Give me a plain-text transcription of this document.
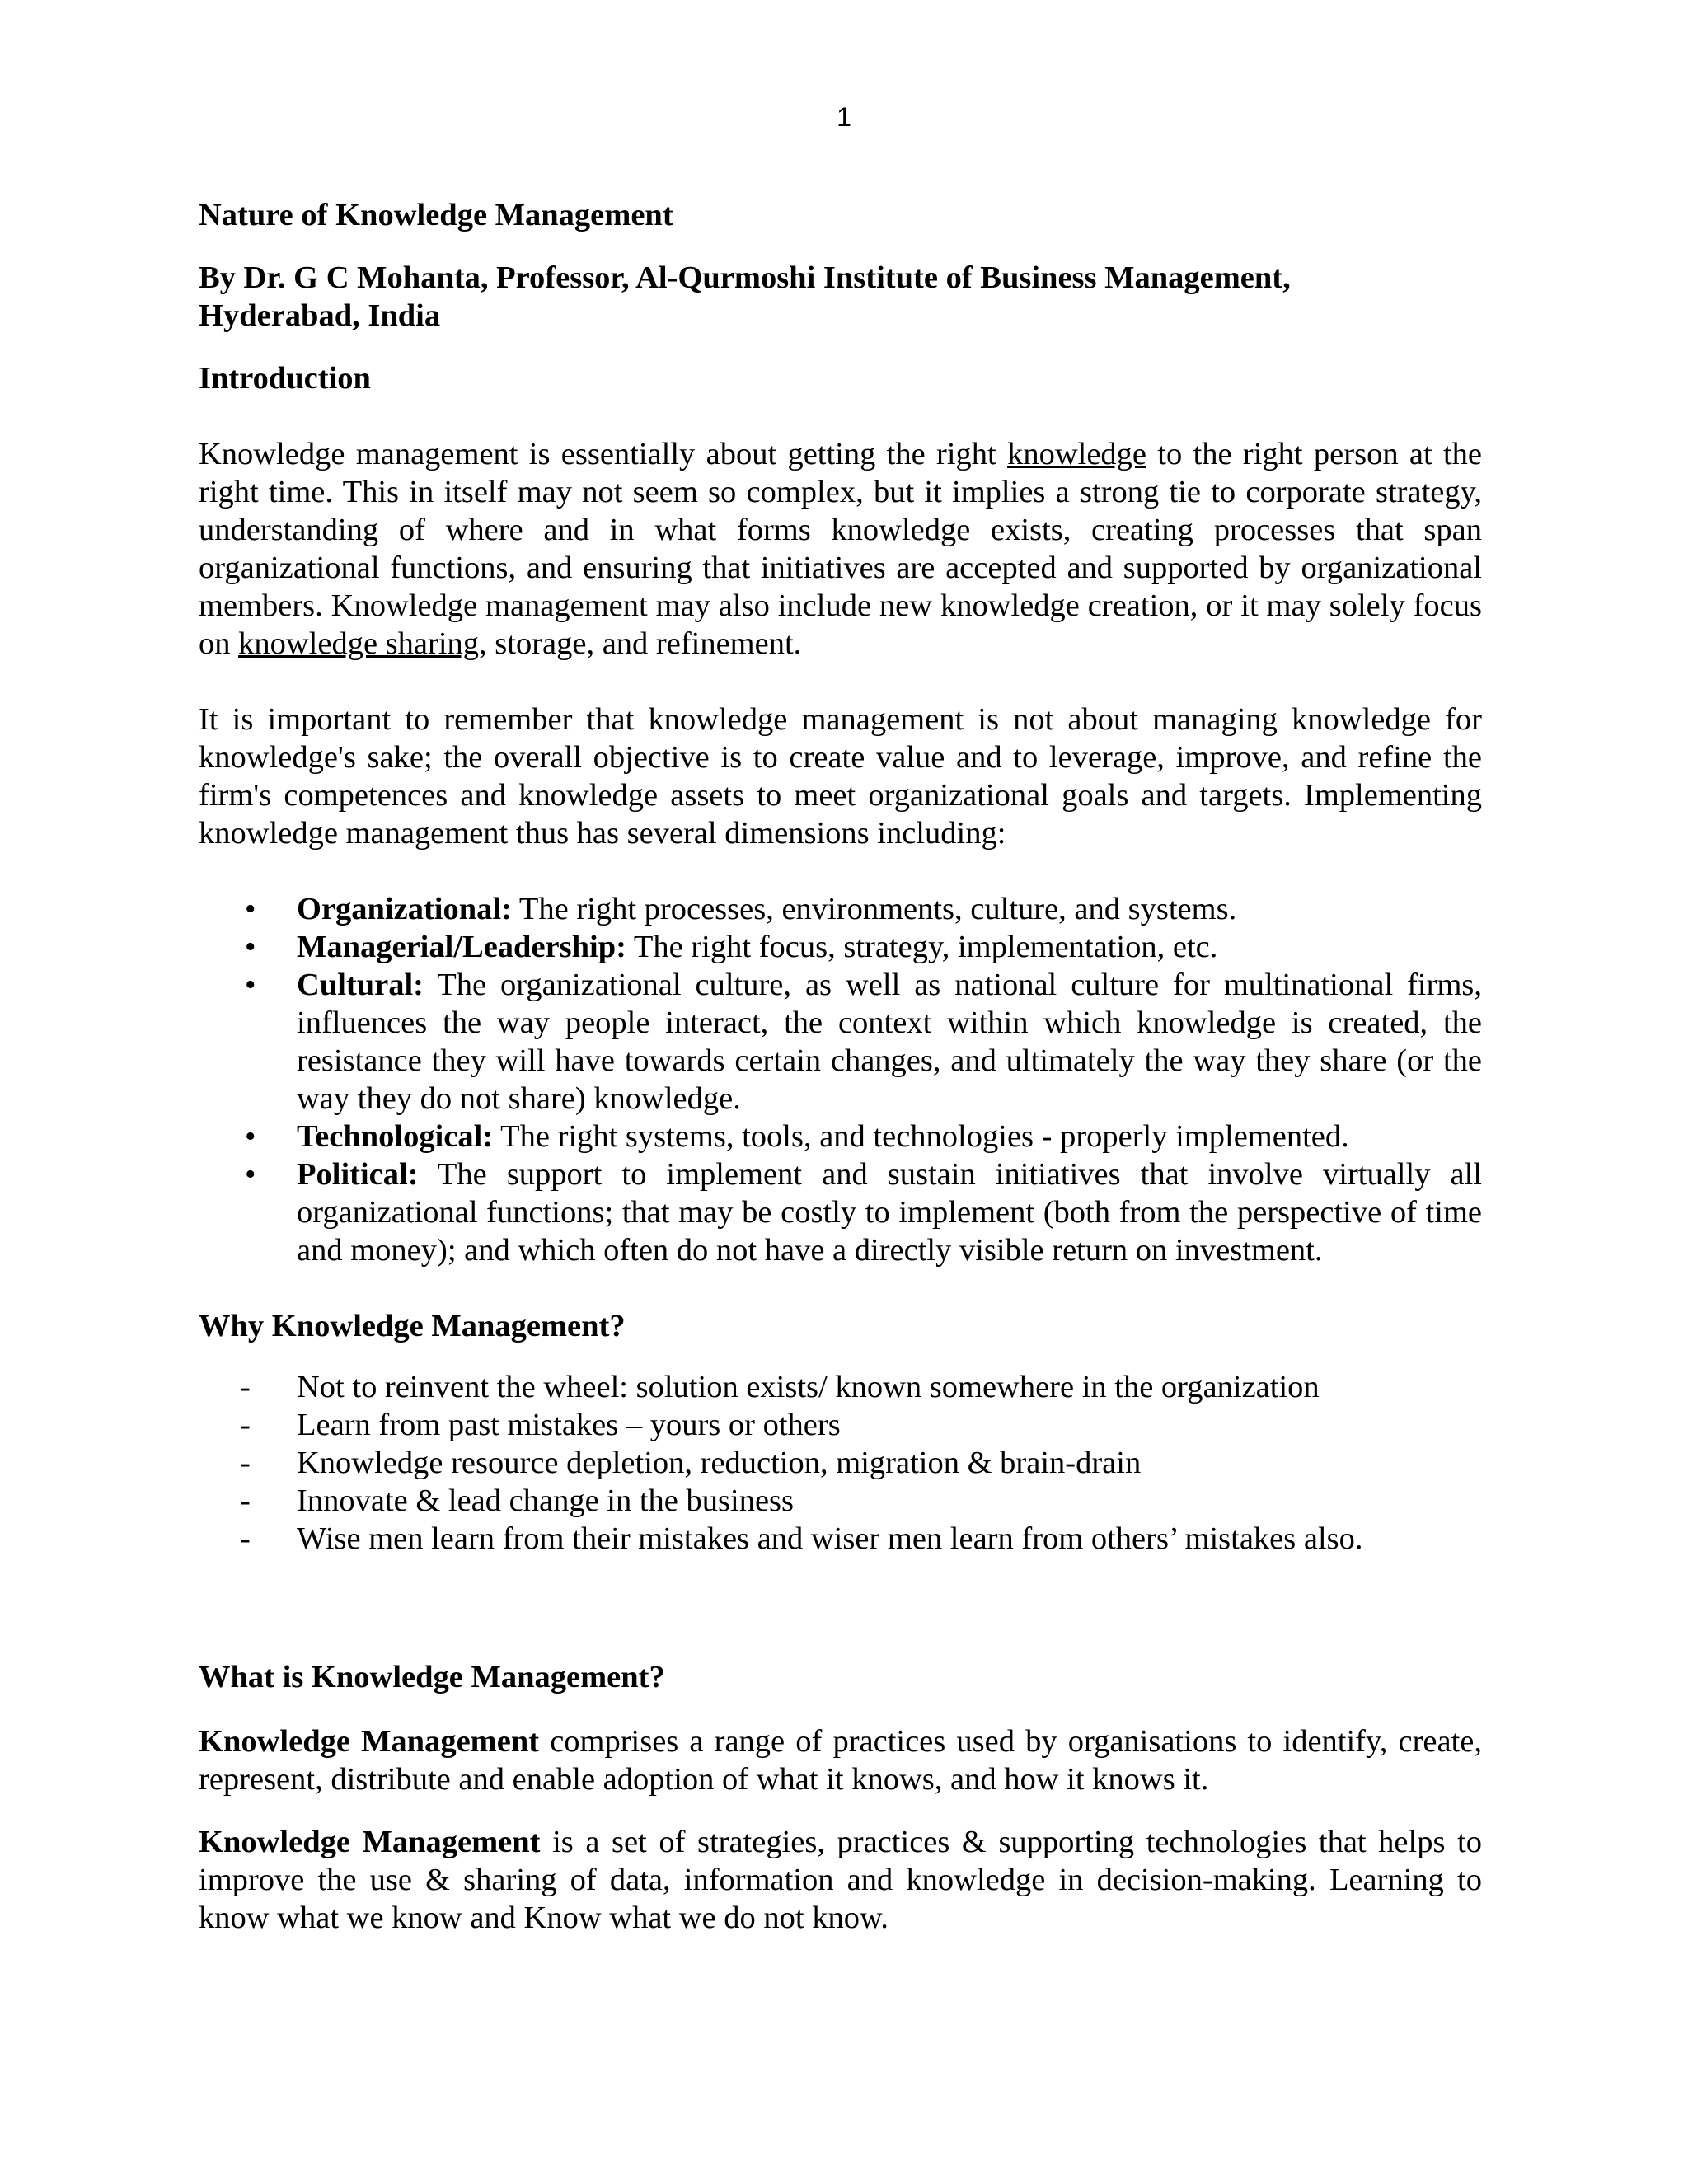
1

Nature of Knowledge Management

By Dr. G C Mohanta, Professor, Al-Qurmoshi Institute of Business Management,
Hyderabad, India

Introduction

Knowledge management is essentially about getting the right knowledge to the right person at the right time. This in itself may not seem so complex, but it implies a strong tie to corporate strategy, understanding of where and in what forms knowledge exists, creating processes that span organizational functions, and ensuring that initiatives are accepted and supported by organizational members. Knowledge management may also include new knowledge creation, or it may solely focus on knowledge sharing, storage, and refinement.

It is important to remember that knowledge management is not about managing knowledge for knowledge's sake; the overall objective is to create value and to leverage, improve, and refine the firm's competences and knowledge assets to meet organizational goals and targets. Implementing knowledge management thus has several dimensions including:

• Organizational: The right processes, environments, culture, and systems.
• Managerial/Leadership: The right focus, strategy, implementation, etc.
• Cultural: The organizational culture, as well as national culture for multinational firms, influences the way people interact, the context within which knowledge is created, the resistance they will have towards certain changes, and ultimately the way they share (or the way they do not share) knowledge.
• Technological: The right systems, tools, and technologies - properly implemented.
• Political: The support to implement and sustain initiatives that involve virtually all organizational functions; that may be costly to implement (both from the perspective of time and money); and which often do not have a directly visible return on investment.

Why Knowledge Management?

- Not to reinvent the wheel: solution exists/ known somewhere in the organization
- Learn from past mistakes – yours or others
- Knowledge resource depletion, reduction, migration & brain-drain
- Innovate & lead change in the business
- Wise men learn from their mistakes and wiser men learn from others’ mistakes also.

What is Knowledge Management?

Knowledge Management comprises a range of practices used by organisations to identify, create, represent, distribute and enable adoption of what it knows, and how it knows it.

Knowledge Management is a set of strategies, practices & supporting technologies that helps to improve the use & sharing of data, information and knowledge in decision-making. Learning to know what we know and Know what we do not know.
